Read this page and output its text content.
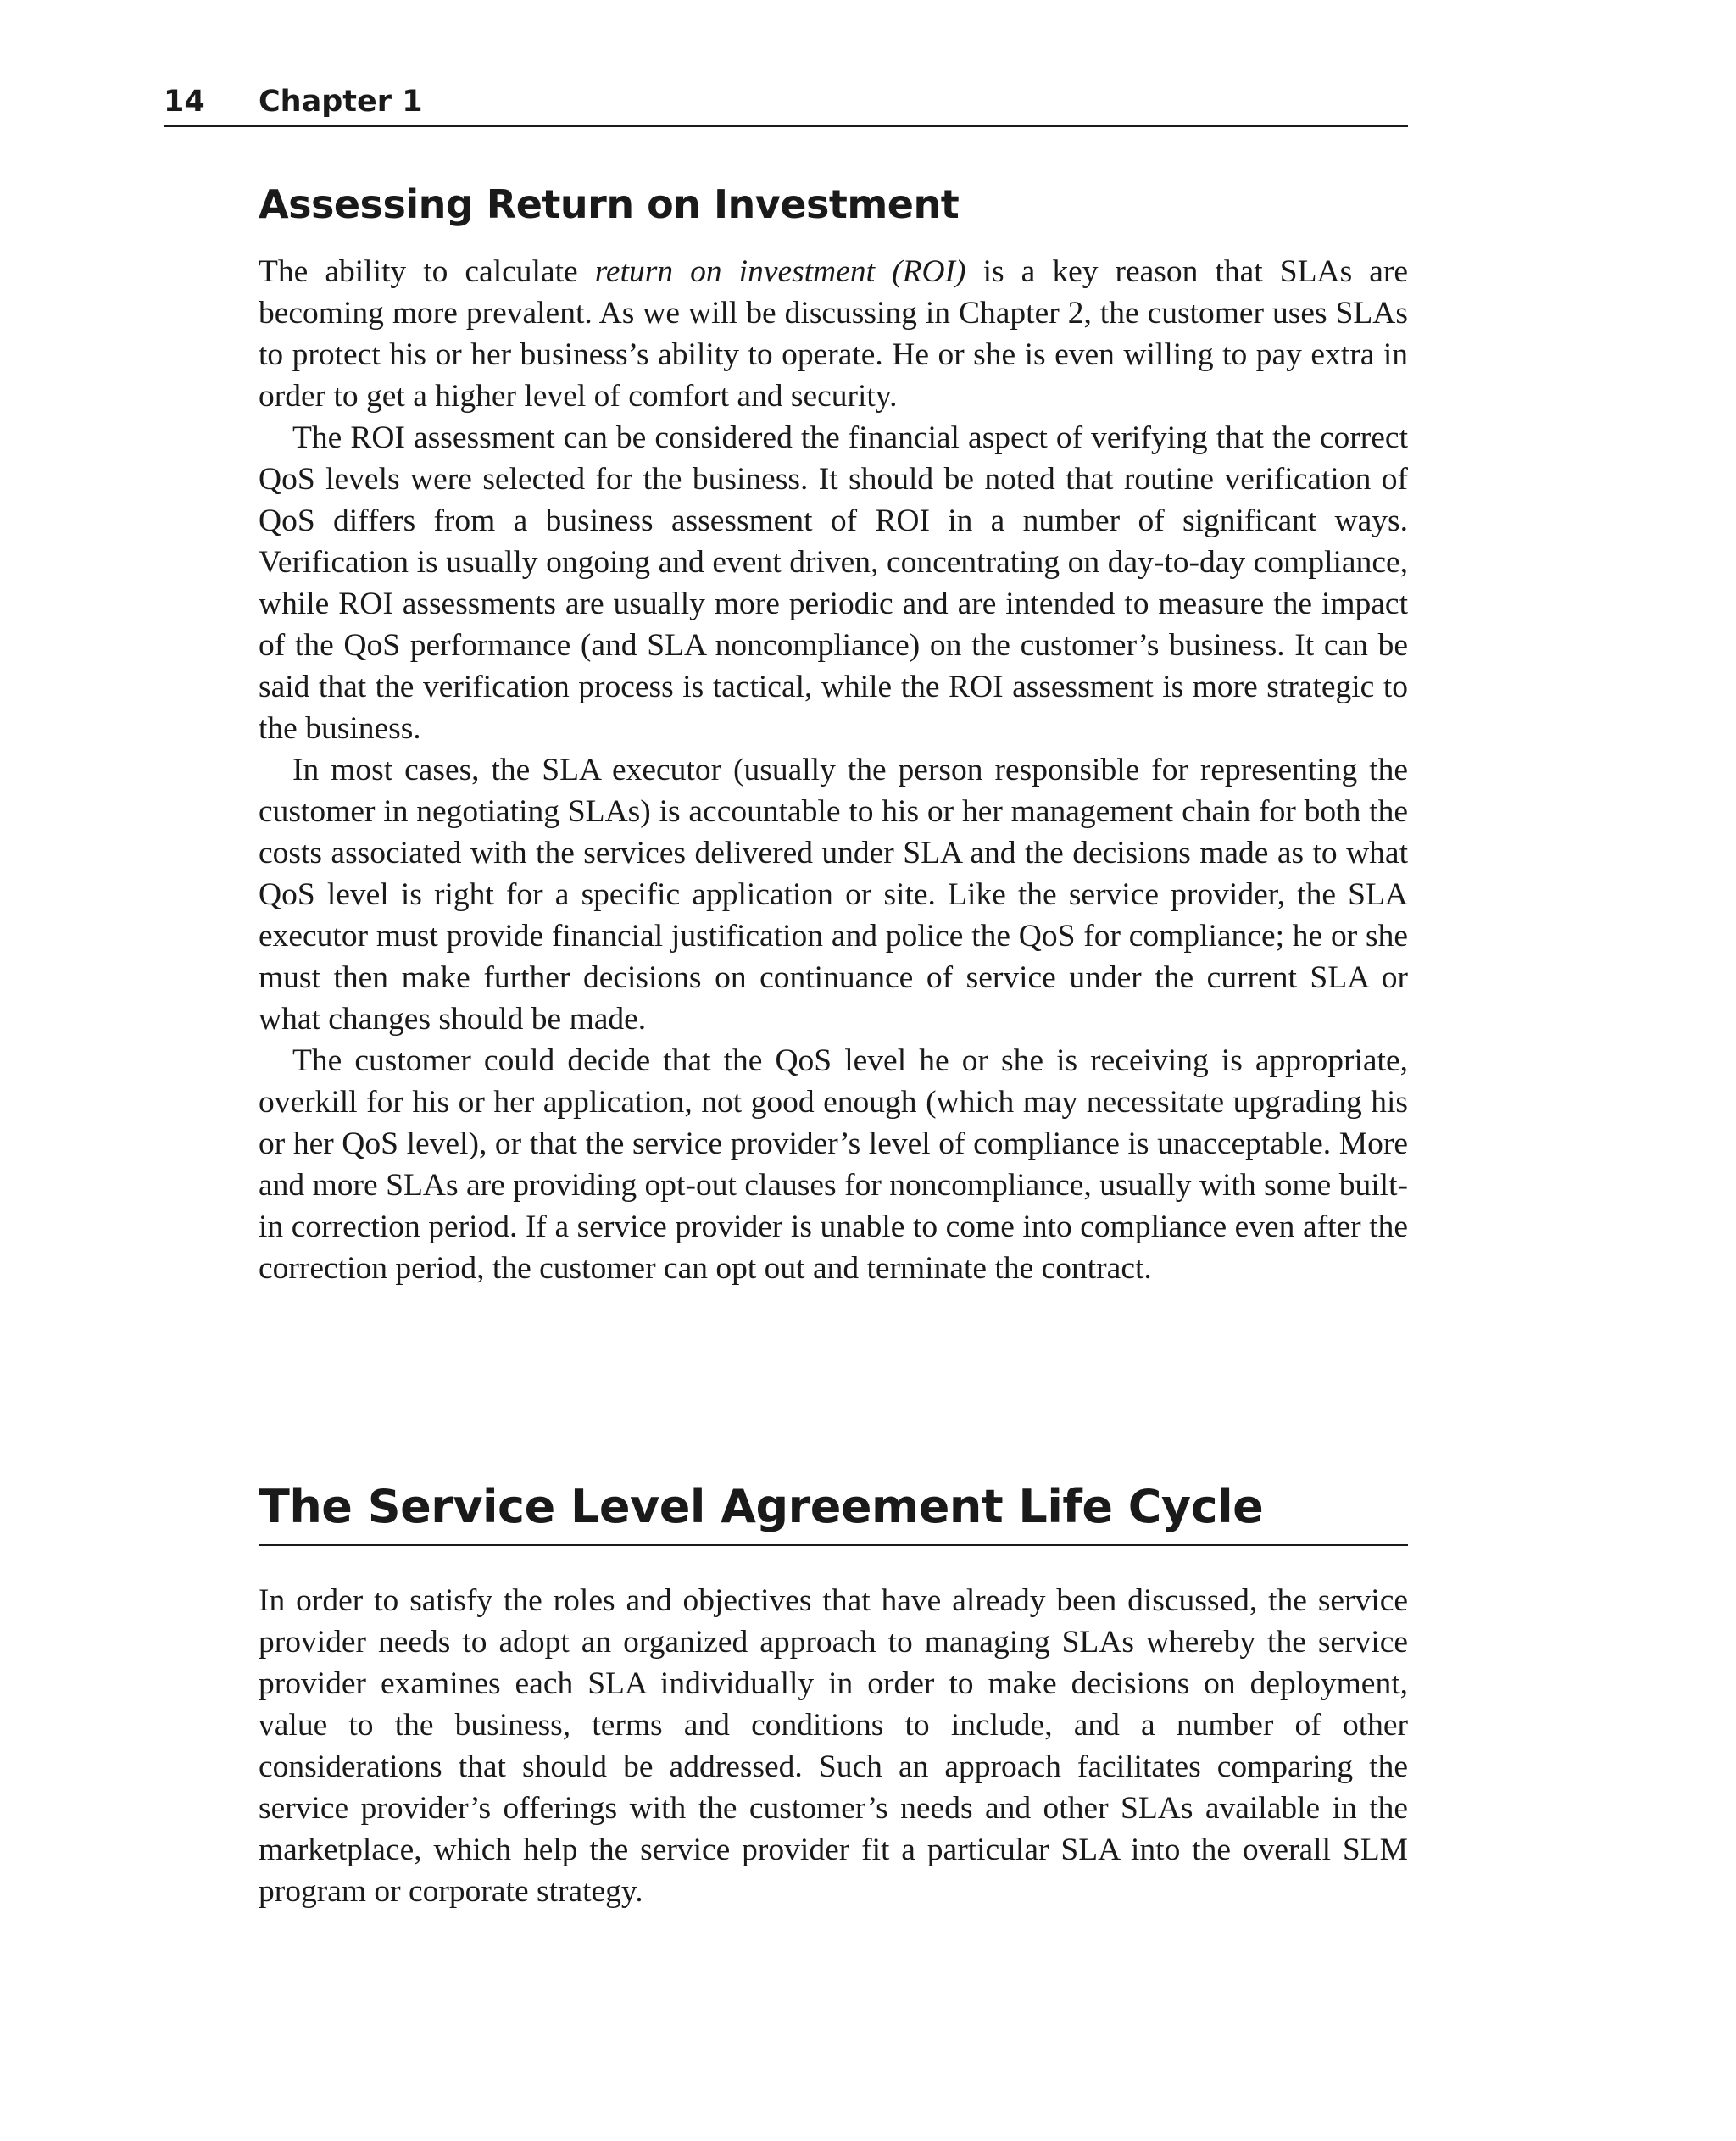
14 Chapter 1
Assessing Return on Investment

The ability to calculate return on investment (ROI) is a key reason that SLAs are becoming more prevalent. As we will be discussing in Chapter 2, the customer uses SLAs to protect his or her business’s ability to operate. He or she is even willing to pay extra in order to get a higher level of comfort and security.

The ROI assessment can be considered the financial aspect of verifying that the correct QoS levels were selected for the business. It should be noted that routine verification of QoS differs from a business assessment of ROI in a number of significant ways. Verification is usually ongoing and event driven, concentrating on day-to-day compliance, while ROI assessments are usually more periodic and are intended to measure the impact of the QoS performance (and SLA noncompliance) on the customer’s business. It can be said that the verification process is tactical, while the ROI assessment is more strategic to the business.

In most cases, the SLA executor (usually the person responsible for representing the customer in negotiating SLAs) is accountable to his or her management chain for both the costs associated with the services delivered under SLA and the decisions made as to what QoS level is right for a specific application or site. Like the service provider, the SLA executor must provide financial justification and police the QoS for compliance; he or she must then make further decisions on continuance of service under the current SLA or what changes should be made.

The customer could decide that the QoS level he or she is receiving is appropriate, overkill for his or her application, not good enough (which may necessitate upgrading his or her QoS level), or that the service provider’s level of compliance is unacceptable. More and more SLAs are providing opt-out clauses for noncompliance, usually with some built-in correction period. If a service provider is unable to come into compliance even after the correction period, the customer can opt out and terminate the contract.

The Service Level Agreement Life Cycle

In order to satisfy the roles and objectives that have already been discussed, the service provider needs to adopt an organized approach to managing SLAs whereby the service provider examines each SLA individually in order to make decisions on deployment, value to the business, terms and conditions to include, and a number of other considerations that should be addressed. Such an approach facilitates comparing the service provider’s offerings with the customer’s needs and other SLAs available in the marketplace, which help the service provider fit a particular SLA into the overall SLM program or corporate strategy.
